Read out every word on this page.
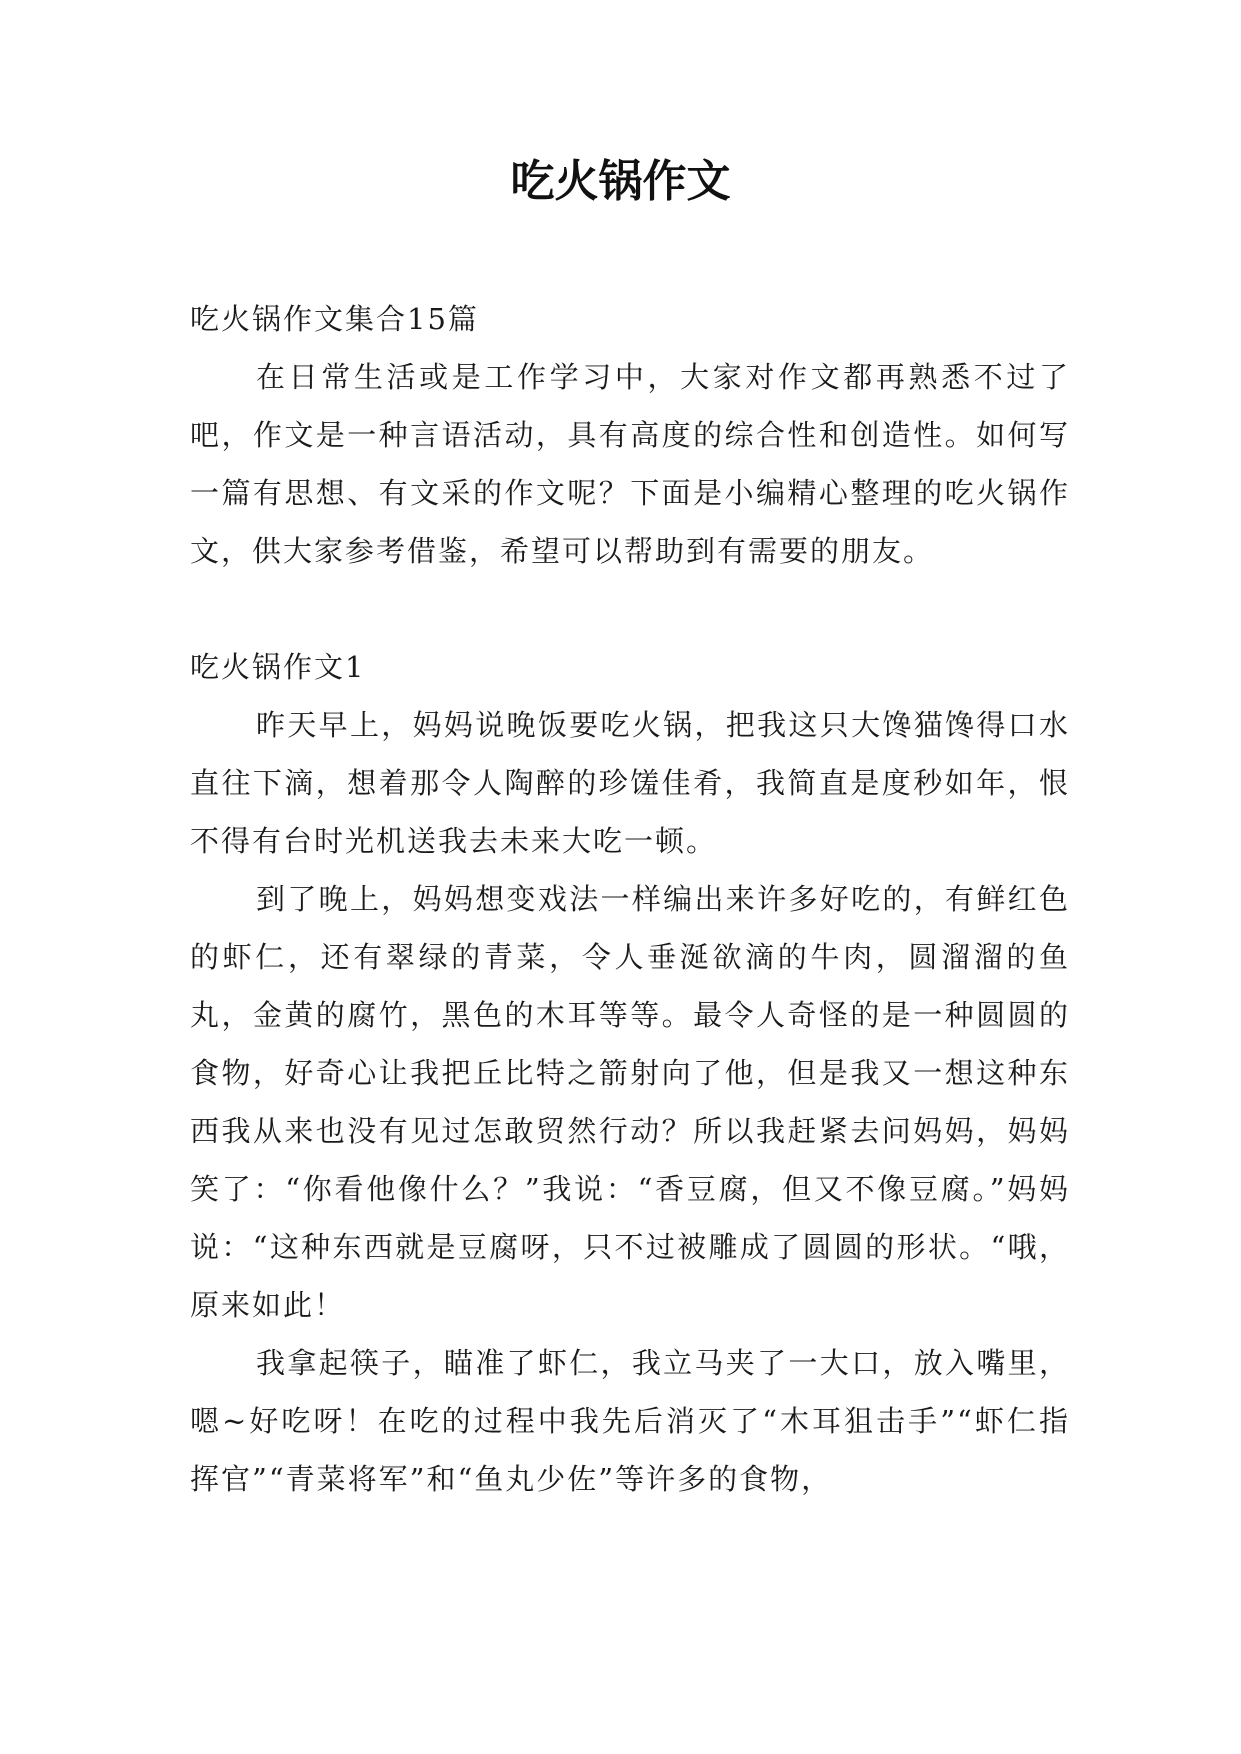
吃火锅作文

吃火锅作文集合15篇

在日常生活或是工作学习中，大家对作文都再熟悉不过了吧，作文是一种言语活动，具有高度的综合性和创造性。如何写一篇有思想、有文采的作文呢？下面是小编精心整理的吃火锅作文，供大家参考借鉴，希望可以帮助到有需要的朋友。

吃火锅作文1

昨天早上，妈妈说晚饭要吃火锅，把我这只大馋猫馋得口水直往下滴，想着那令人陶醉的珍馐佳肴，我简直是度秒如年，恨不得有台时光机送我去未来大吃一顿。

到了晚上，妈妈想变戏法一样编出来许多好吃的，有鲜红色的虾仁，还有翠绿的青菜，令人垂涎欲滴的牛肉，圆溜溜的鱼丸，金黄的腐竹，黑色的木耳等等。最令人奇怪的是一种圆圆的食物，好奇心让我把丘比特之箭射向了他，但是我又一想这种东西我从来也没有见过怎敢贸然行动？所以我赶紧去问妈妈，妈妈笑了：“你看他像什么？”我说：“香豆腐，但又不像豆腐。”妈妈说：“这种东西就是豆腐呀，只不过被雕成了圆圆的形状。“哦，原来如此！

我拿起筷子，瞄准了虾仁，我立马夹了一大口，放入嘴里，嗯~好吃呀！在吃的过程中我先后消灭了“木耳狙击手”“虾仁指挥官”“青菜将军”和“鱼丸少佐”等许多的食物，
